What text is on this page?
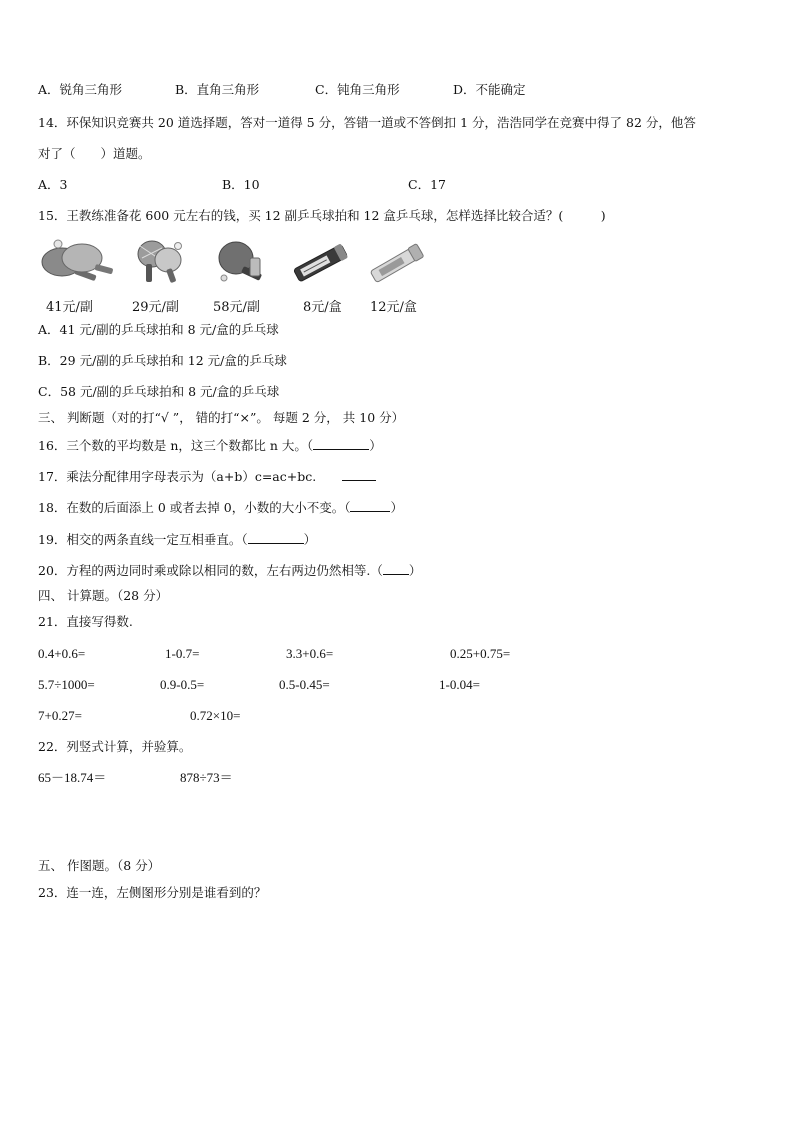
A．锐角三角形	B．直角三角形	C．钝角三角形	D．不能确定
14．环保知识竞赛共 20 道选择题，答对一道得 5 分，答错一道或不答倒扣 1 分，浩浩同学在竞赛中得了 82 分，他答
对了（　　）道题。
A．3	B．10	C．17
15．王教练准备花 600 元左右的钱，买 12 副乒乓球拍和 12 盒乒乓球，怎样选择比较合适？(　　　)
41元/副	29元/副	58元/副	8元/盒 12元/盒
A．41 元/副的乒乓球拍和 8 元/盒的乒乓球
B．29 元/副的乒乓球拍和 12 元/盒的乒乓球
C．58 元/副的乒乓球拍和 8 元/盒的乒乓球
三、 判断题（对的打“√ ”， 错的打“×”。 每题 2 分， 共 10 分）
16．三个数的平均数是 n，这三个数都比 n 大。（	）
17．乘法分配律用字母表示为（a+b）c=ac+bc.
18．在数的后面添上 0 或者去掉 0，小数的大小不变。（	）
19．相交的两条直线一定互相垂直。（	）
20．方程的两边同时乘或除以相同的数，左右两边仍然相等.（ ）
四、 计算题。（28 分）
21．直接写得数.
0.4+0.6=	1-0.7=	3.3+0.6=	0.25+0.75=
5.7÷1000=	0.9-0.5=	0.5-0.45=	1-0.04=
7+0.27=	0.72×10=
22．列竖式计算，并验算。
65－18.74＝	878÷73＝
五、 作图题。（8 分）
23．连一连，左侧图形分别是谁看到的？
